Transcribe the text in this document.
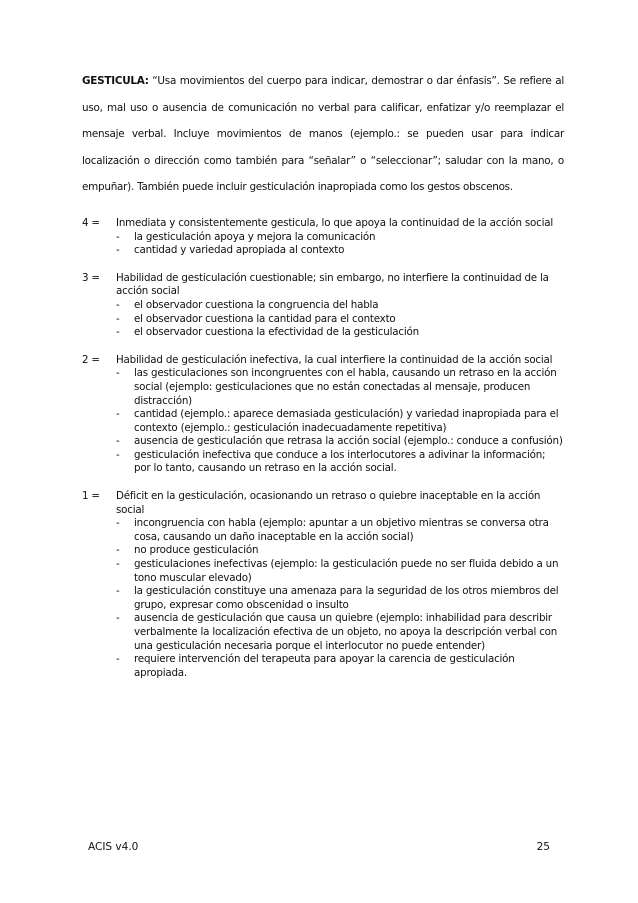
GESTICULA: “Usa movimientos del cuerpo para indicar, demostrar o dar énfasis”. Se refiere al uso, mal uso o ausencia de comunicación no verbal para calificar, enfatizar y/o reemplazar el mensaje verbal. Incluye movimientos de manos (ejemplo.: se pueden usar para indicar localización o dirección como también para “señalar” o “seleccionar”; saludar con la mano, o empuñar). También puede incluir gesticulación inapropiada como los gestos obscenos.

4 =	Inmediata y consistentemente gesticula, lo que apoya la continuidad de la acción social
- la gesticulación apoya y mejora la comunicación
- cantidad y variedad apropiada al contexto
3 =	Habilidad de gesticulación cuestionable; sin embargo, no interfiere la continuidad de la acción social
- el observador cuestiona la congruencia del habla
- el observador cuestiona la cantidad para el contexto
- el observador cuestiona la efectividad de la gesticulación
2 =	Habilidad de gesticulación inefectiva, la cual interfiere la continuidad de la acción social
- las gesticulaciones son incongruentes con el habla, causando un retraso en la acción social (ejemplo: gesticulaciones que no están conectadas al mensaje, producen distracción)
- cantidad (ejemplo.: aparece demasiada gesticulación) y variedad inapropiada para el contexto (ejemplo.: gesticulación inadecuadamente repetitiva)
- ausencia de gesticulación que retrasa la acción social (ejemplo.: conduce a confusión)
- gesticulación inefectiva que conduce a los interlocutores a adivinar la información; por lo tanto, causando un retraso en la acción social.
1 =	Déficit en la gesticulación, ocasionando un retraso o quiebre inaceptable en la acción social
- incongruencia con habla (ejemplo: apuntar a un objetivo mientras se conversa otra cosa, causando un daño inaceptable en la acción social)
- no produce gesticulación
- gesticulaciones inefectivas (ejemplo: la gesticulación puede no ser fluida debido a un tono muscular elevado)
- la gesticulación constituye una amenaza para la seguridad de los otros miembros del grupo, expresar como obscenidad o insulto
- ausencia de gesticulación que causa un quiebre (ejemplo: inhabilidad para describir verbalmente la localización efectiva de un objeto, no apoya la descripción verbal con una gesticulación necesaria porque el interlocutor no puede entender)
- requiere intervención del terapeuta para apoyar la carencia de gesticulación apropiada.
ACIS v4.0	25
